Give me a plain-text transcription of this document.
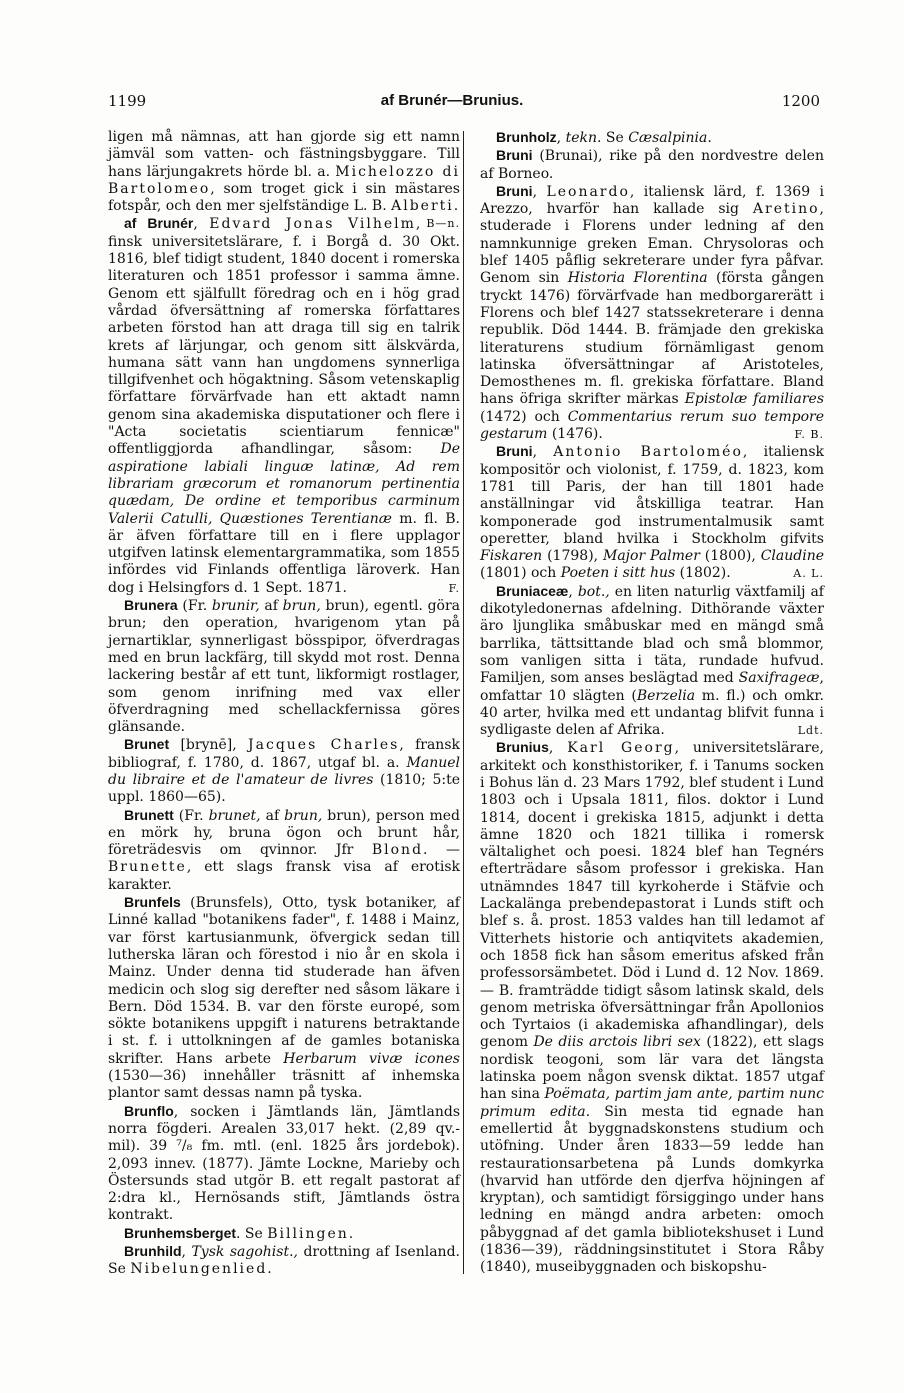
1199	af Brunér—Brunius.	1200

ligen må nämnas, att han gjorde sig ett namn jämväl som vatten- och fästningsbyggare. Till hans lärjungakrets hörde bl. a. Michelozzo di Bartolomeo, som troget gick i sin mästares fotspår, och den mer sjelfständige L. B. Alberti.
B—n.

af Brunér, Edvard Jonas Vilhelm, finsk universitetslärare, f. i Borgå d. 30 Okt. 1816, blef tidigt student, 1840 docent i romerska literaturen och 1851 professor i samma ämne. Genom ett själfullt föredrag och en i hög grad vårdad öfversättning af romerska författares arbeten förstod han att draga till sig en talrik krets af lärjungar, och genom sitt älskvärda, humana sätt vann han ungdomens synnerliga tillgifvenhet och högaktning. Såsom vetenskaplig författare förvärfvade han ett aktadt namn genom sina akademiska disputationer och flere i "Acta societatis scientiarum fennicæ" offentliggjorda afhandlingar, såsom: De aspiratione labiali linguæ latinæ, Ad rem librariam græcorum et romanorum pertinentia quædam, De ordine et temporibus carminum Valerii Catulli, Quæstiones Terentianæ m. fl. B. är äfven författare till en i flere upplagor utgifven latinsk elementargrammatika, som 1855 infördes vid Finlands offentliga läroverk. Han dog i Helsingfors d. 1 Sept. 1871.	F.

Brunera (Fr. brunir, af brun, brun), egentl. göra brun; den operation, hvarigenom ytan på jernartiklar, synnerligast bösspipor, öfverdragas med en brun lackfärg, till skydd mot rost. Denna lackering består af ett tunt, likformigt rostlager, som genom inrifning med vax eller öfverdragning med schellackfernissa göres glänsande.

Brunet [brynē], Jacques Charles, fransk bibliograf, f. 1780, d. 1867, utgaf bl. a. Manuel du libraire et de l'amateur de livres (1810; 5:te uppl. 1860—65).

Brunett (Fr. brunet, af brun, brun), person med en mörk hy, bruna ögon och brunt hår, företrädesvis om qvinnor. Jfr Blond. — Brunette, ett slags fransk visa af erotisk karakter.

Brunfels (Brunsfels), Otto, tysk botaniker, af Linné kallad "botanikens fader", f. 1488 i Mainz, var först kartusianmunk, öfvergick sedan till lutherska läran och förestod i nio år en skola i Mainz. Under denna tid studerade han äfven medicin och slog sig derefter ned såsom läkare i Bern. Död 1534. B. var den förste europé, som sökte botanikens uppgift i naturens betraktande i st. f. i uttolkningen af de gamles botaniska skrifter. Hans arbete Herbarum vivæ icones (1530—36) innehåller träsnitt af inhemska plantor samt dessas namn på tyska.

Brunflo, socken i Jämtlands län, Jämtlands norra fögderi. Arealen 33,017 hekt. (2,89 qv.-mil). 39 ⁷/₈ fm. mtl. (enl. 1825 års jordebok). 2,093 innev. (1877). Jämte Lockne, Marieby och Östersunds stad utgör B. ett regalt pastorat af 2:dra kl., Hernösands stift, Jämtlands östra kontrakt.

Brunhemsberget. Se Billingen.

Brunhild, Tysk sagohist., drottning af Isenland. Se Nibelungenlied.

Brunholz, tekn. Se Cæsalpinia.

Bruni (Brunai), rike på den nordvestre delen af Borneo.

Bruni, Leonardo, italiensk lärd, f. 1369 i Arezzo, hvarför han kallade sig Aretino, studerade i Florens under ledning af den namnkunnige greken Eman. Chrysoloras och blef 1405 påflig sekreterare under fyra påfvar. Genom sin Historia Florentina (första gången tryckt 1476) förvärfvade han medborgarerätt i Florens och blef 1427 statssekreterare i denna republik. Död 1444. B. främjade den grekiska literaturens studium förnämligast genom latinska öfversättningar af Aristoteles, Demosthenes m. fl. grekiska författare. Bland hans öfriga skrifter märkas Epistolæ familiares (1472) och Commentarius rerum suo tempore gestarum (1476).	F. B.

Bruni, Antonio Bartoloméo, italiensk kompositör och violonist, f. 1759, d. 1823, kom 1781 till Paris, der han till 1801 hade anställningar vid åtskilliga teatrar. Han komponerade god instrumentalmusik samt operetter, bland hvilka i Stockholm gifvits Fiskaren (1798), Major Palmer (1800), Claudine (1801) och Poeten i sitt hus (1802).	A. L.

Bruniaceæ, bot., en liten naturlig växtfamilj af dikotyledonernas afdelning. Dithörande växter äro ljunglika småbuskar med en mängd små barrlika, tättsittande blad och små blommor, som vanligen sitta i täta, rundade hufvud. Familjen, som anses beslägtad med Saxifrageæ, omfattar 10 slägten (Berzelia m. fl.) och omkr. 40 arter, hvilka med ett undantag blifvit funna i sydligaste delen af Afrika.	Ldt.

Brunius, Karl Georg, universitetslärare, arkitekt och konsthistoriker, f. i Tanums socken i Bohus län d. 23 Mars 1792, blef student i Lund 1803 och i Upsala 1811, filos. doktor i Lund 1814, docent i grekiska 1815, adjunkt i detta ämne 1820 och 1821 tillika i romersk vältalighet och poesi. 1824 blef han Tegnérs efterträdare såsom professor i grekiska. Han utnämndes 1847 till kyrkoherde i Stäfvie och Lackalänga prebendepastorat i Lunds stift och blef s. å. prost. 1853 valdes han till ledamot af Vitterhets historie och antiqvitets akademien, och 1858 fick han såsom emeritus afsked från professorsämbetet. Död i Lund d. 12 Nov. 1869. — B. framträdde tidigt såsom latinsk skald, dels genom metriska öfversättningar från Apollonios och Tyrtaios (i akademiska afhandlingar), dels genom De diis arctois libri sex (1822), ett slags nordisk teogoni, som lär vara det längsta latinska poem någon svensk diktat. 1857 utgaf han sina Poëmata, partim jam ante, partim nunc primum edita. Sin mesta tid egnade han emellertid åt byggnadskonstens studium och utöfning. Under åren 1833—59 ledde han restaurationsarbetena på Lunds domkyrka (hvarvid han utförde den djerfva höjningen af kryptan), och samtidigt försiggingo under hans ledning en mängd andra arbeten: omoch påbyggnad af det gamla bibliotekshuset i Lund (1836—39), räddningsinstitutet i Stora Råby (1840), museibyggnaden och biskopshu-
